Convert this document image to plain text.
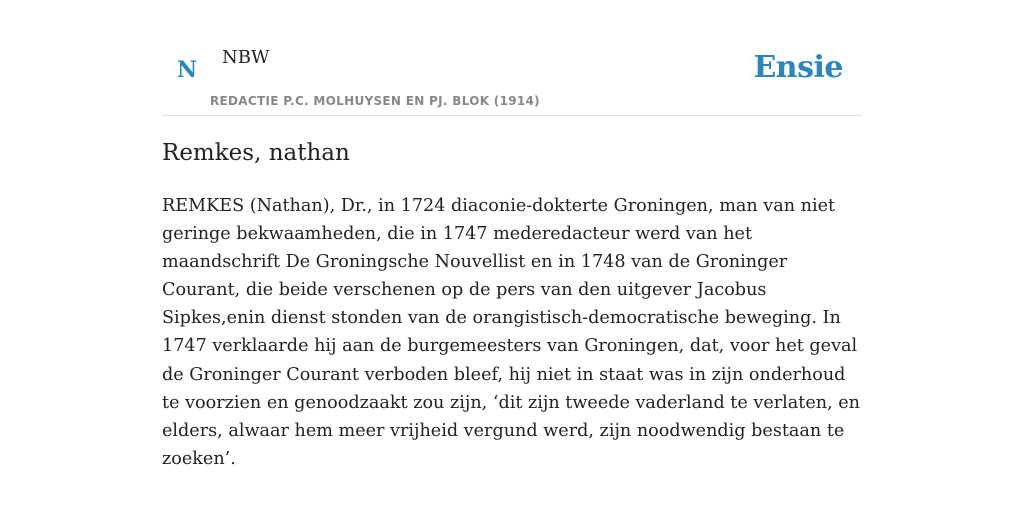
N NBW	Ensie
REDACTIE P.C. MOLHUYSEN EN PJ. BLOK (1914)
Remkes, nathan

REMKES (Nathan), Dr., in 1724 diaconie-dokterte Groningen, man van niet geringe bekwaamheden, die in 1747 mederedacteur werd van het maandschrift De Groningsche Nouvellist en in 1748 van de Groninger Courant, die beide verschenen op de pers van den uitgever Jacobus Sipkes,enin dienst stonden van de orangistisch-democratische beweging. In 1747 verklaarde hij aan de burgemeesters van Groningen, dat, voor het geval de Groninger Courant verboden bleef, hij niet in staat was in zijn onderhoud te voorzien en genoodzaakt zou zijn, ‘dit zijn tweede vaderland te verlaten, en elders, alwaar hem meer vrijheid vergund werd, zijn noodwendig bestaan te zoeken’.
